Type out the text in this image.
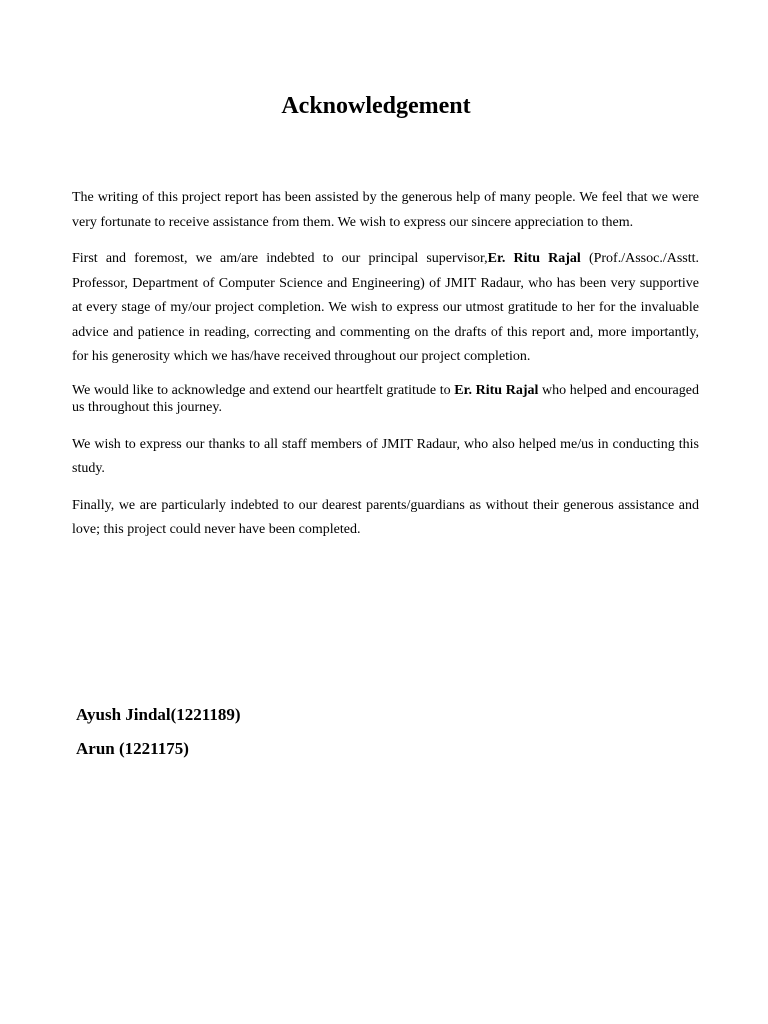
Acknowledgement

The writing of this project report has been assisted by the generous help of many people. We feel that we were very fortunate to receive assistance from them. We wish to express our sincere appreciation to them.

First and foremost, we am/are indebted to our principal supervisor,Er. Ritu Rajal (Prof./Assoc./Asstt. Professor, Department of Computer Science and Engineering) of JMIT Radaur, who has been very supportive at every stage of my/our project completion. We wish to express our utmost gratitude to her for the invaluable advice and patience in reading, correcting and commenting on the drafts of this report and, more importantly, for his generosity which we has/have received throughout our project completion.

We would like to acknowledge and extend our heartfelt gratitude to Er. Ritu Rajal who helped and encouraged us throughout this journey.

We wish to express our thanks to all staff members of JMIT Radaur, who also helped me/us in conducting this study.

Finally, we are particularly indebted to our dearest parents/guardians as without their generous assistance and love; this project could never have been completed.

Ayush Jindal(1221189)

Arun (1221175)
